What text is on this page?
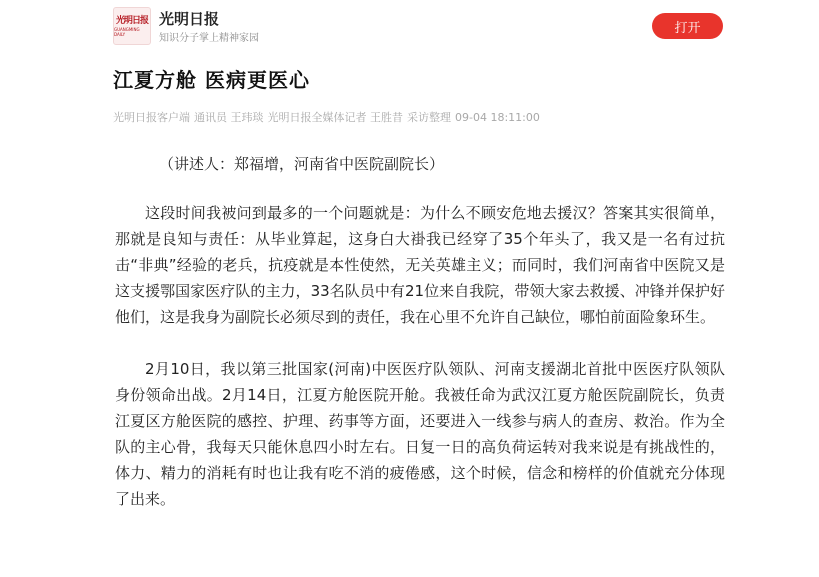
光明日报
GUANGMING DAILY
光明日报
知识分子掌上精神家园
打开
江夏方舱 医病更医心
光明日报客户端 通讯员 王玮琰 光明日报全媒体记者 王胜昔 采访整理 09-04 18:11:00
（讲述人：郑福增，河南省中医院副院长）

这段时间我被问到最多的一个问题就是：为什么不顾安危地去援汉？答案其实很简单，那就是良知与责任：从毕业算起，这身白大褂我已经穿了35个年头了，我又是一名有过抗击“非典”经验的老兵，抗疫就是本性使然，无关英雄主义；而同时，我们河南省中医院又是这支援鄂国家医疗队的主力，33名队员中有21位来自我院，带领大家去救援、冲锋并保护好他们，这是我身为副院长必须尽到的责任，我在心里不允许自己缺位，哪怕前面险象环生。

2月10日，我以第三批国家(河南)中医医疗队领队、河南支援湖北首批中医医疗队领队身份领命出战。2月14日，江夏方舱医院开舱。我被任命为武汉江夏方舱医院副院长，负责江夏区方舱医院的感控、护理、药事等方面，还要进入一线参与病人的查房、救治。作为全队的主心骨，我每天只能休息四小时左右。日复一日的高负荷运转对我来说是有挑战性的，体力、精力的消耗有时也让我有吃不消的疲倦感，这个时候，信念和榜样的价值就充分体现了出来。
